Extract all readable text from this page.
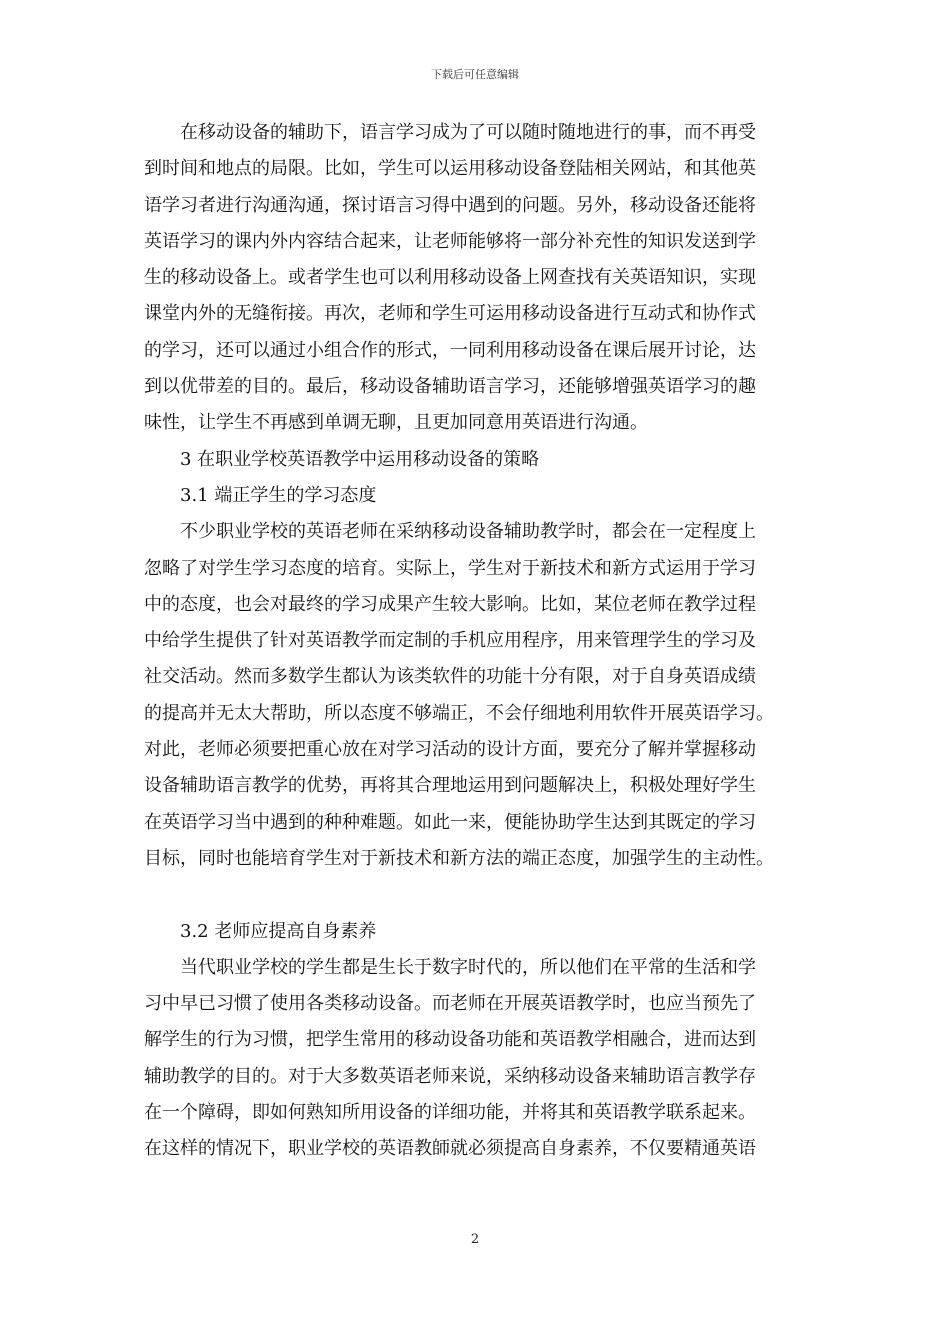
下载后可任意编辑
在移动设备的辅助下，语言学习成为了可以随时随地进行的事，而不再受
到时间和地点的局限。比如，学生可以运用移动设备登陆相关网站，和其他英
语学习者进行沟通沟通，探讨语言习得中遇到的问题。另外，移动设备还能将
英语学习的课内外内容结合起来，让老师能够将一部分补充性的知识发送到学
生的移动设备上。或者学生也可以利用移动设备上网查找有关英语知识，实现
课堂内外的无缝衔接。再次，老师和学生可运用移动设备进行互动式和协作式
的学习，还可以通过小组合作的形式，一同利用移动设备在课后展开讨论，达
到以优带差的目的。最后，移动设备辅助语言学习，还能够增强英语学习的趣
味性，让学生不再感到单调无聊，且更加同意用英语进行沟通。
3 在职业学校英语教学中运用移动设备的策略
3.1 端正学生的学习态度
不少职业学校的英语老师在采纳移动设备辅助教学时，都会在一定程度上
忽略了对学生学习态度的培育。实际上，学生对于新技术和新方式运用于学习
中的态度，也会对最终的学习成果产生较大影响。比如，某位老师在教学过程
中给学生提供了针对英语教学而定制的手机应用程序，用来管理学生的学习及
社交活动。然而多数学生都认为该类软件的功能十分有限，对于自身英语成绩
的提高并无太大帮助，所以态度不够端正，不会仔细地利用软件开展英语学习。
对此，老师必须要把重心放在对学习活动的设计方面，要充分了解并掌握移动
设备辅助语言教学的优势，再将其合理地运用到问题解决上，积极处理好学生
在英语学习当中遇到的种种难题。如此一来，便能协助学生达到其既定的学习
目标，同时也能培育学生对于新技术和新方法的端正态度，加强学生的主动性。
3.2 老师应提高自身素养
当代职业学校的学生都是生长于数字时代的，所以他们在平常的生活和学
习中早已习惯了使用各类移动设备。而老师在开展英语教学时，也应当预先了
解学生的行为习惯，把学生常用的移动设备功能和英语教学相融合，进而达到
辅助教学的目的。对于大多数英语老师来说，采纳移动设备来辅助语言教学存
在一个障碍，即如何熟知所用设备的详细功能，并将其和英语教学联系起来。
在这样的情况下，职业学校的英语教師就必须提高自身素养，不仅要精通英语
2
